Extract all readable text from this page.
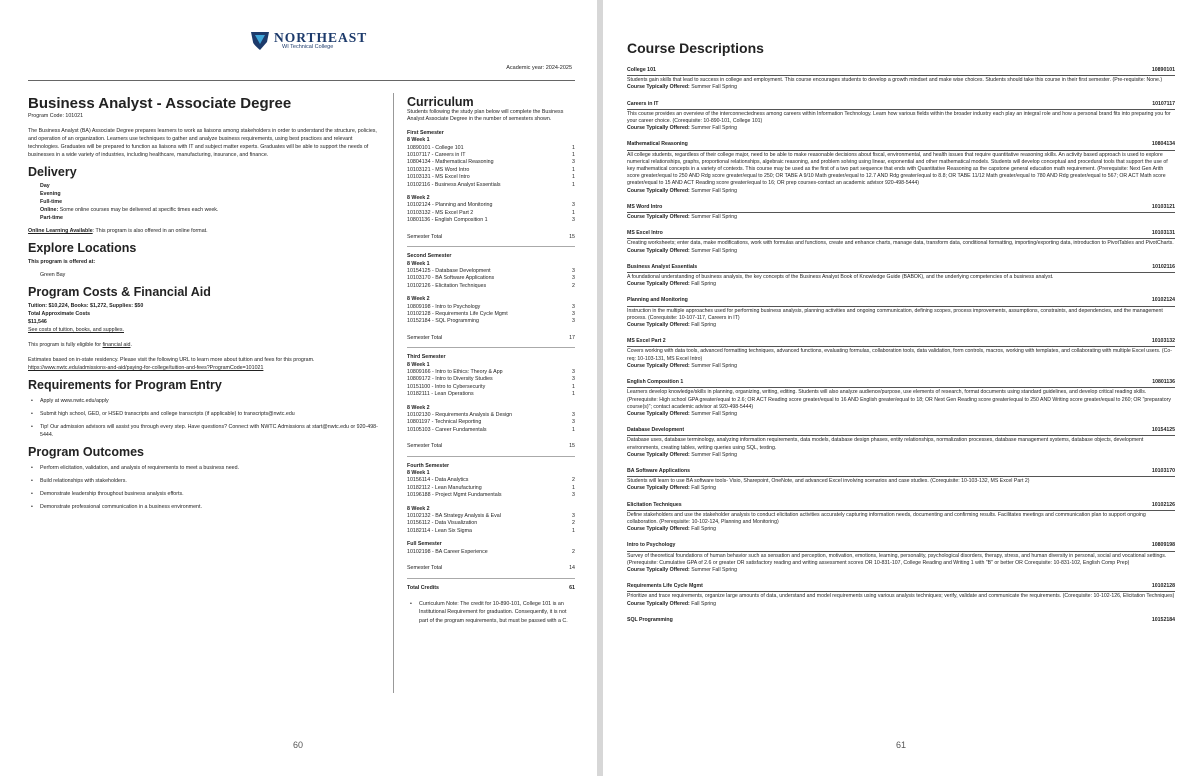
NORTHEAST
WI Technical College
Academic year: 2024-2025
Business Analyst - Associate Degree
Program Code: 101021
The Business Analyst (BA) Associate Degree prepares learners to work as liaisons among stakeholders in order to understand the structure, policies, and operation of an organization. Learners use techniques to gather and analyze business requirements, using best practices and relevant technologies. Graduates will be prepared to function as liaisons with IT and subject matter experts. Graduates will be able to support the needs of businesses in a wide variety of industries, including healthcare, manufacturing, insurance, and finance.
Delivery
Day
Evening
Full-time
Online: Some online courses may be delivered at specific times each week.
Part-time
Online Learning Available: This program is also offered in an online format.
Explore Locations
This program is offered at:
Green Bay
Program Costs & Financial Aid
Tuition: $10,224, Books: $1,272, Supplies: $50
Total Approximate Costs
$11,546
See costs of tuition, books, and supplies.
This program is fully eligible for financial aid.
Estimates based on in-state residency. Please visit the following URL to learn more about tuition and fees for this program.
https://www.nwtc.edu/admissions-and-aid/paying-for-college/tuition-and-fees?ProgramCode=101021
Requirements for Program Entry
• Apply at www.nwtc.edu/apply
• Submit high school, GED, or HSED transcripts and college transcripts (if applicable) to transcripts@nwtc.edu
• Tip! Our admission advisors will assist you through every step. Have questions? Connect with NWTC Admissions at start@nwtc.edu or 920-498-5444.
Program Outcomes
• Perform elicitation, validation, and analysis of requirements to meet a business need.
• Build relationships with stakeholders.
• Demonstrate leadership throughout business analysis efforts.
• Demonstrate professional communication in a business environment.
Curriculum
Students following the study plan below will complete the Business Analyst Associate Degree in the number of semesters shown.
First Semester
8 Week 1
10890101 - College 101	1
10107117 - Careers in IT	1
10804134 - Mathematical Reasoning	3
10103121 - MS Word Intro	1
10103131 - MS Excel Intro	1
10102116 - Business Analyst Essentials	1
8 Week 2
10102124 - Planning and Monitoring	3
10103132 - MS Excel Part 2	1
10801136 - English Composition 1	3
Semester Total	15
Second Semester
8 Week 1
10154125 - Database Development	3
10103170 - BA Software Applications	3
10102126 - Elicitation Techniques	2
8 Week 2
10809198 - Intro to Psychology	3
10102128 - Requirements Life Cycle Mgmt	3
10152184 - SQL Programming	3
Semester Total	17
Third Semester
8 Week 1
10809166 - Intro to Ethics: Theory & App	3
10809172 - Intro to Diversity Studies	3
10151100 - Intro to Cybersecurity	1
10182111 - Lean Operations	1
8 Week 2
10102130 - Requirements Analysis & Design	3
10801197 - Technical Reporting	3
10105103 - Career Fundamentals	1
Semester Total	15
Fourth Semester
8 Week 1
10156114 - Data Analytics	2
10182112 - Lean Manufacturing	1
10196188 - Project Mgmt Fundamentals	3
8 Week 2
10102132 - BA Strategy Analysis & Eval	3
10156112 - Data Visualization	2
10182114 - Lean Six Sigma	1
Full Semester
10102198 - BA Career Experience	2
Semester Total	14
Total Credits	61
• Curriculum Note: The credit for 10-890-101, College 101 is an Institutional Requirement for graduation. Consequently, it is not part of the program requirements, but must be passed with a C.
60
Course Descriptions
College 101	10890101
Students gain skills that lead to success in college and employment. This course encourages students to develop a growth mindset and make wise choices. Students should take this course in their first semester. (Pre-requisite: None.)
Course Typically Offered: Summer Fall Spring
Careers in IT	10107117
This course provides an overview of the interconnectedness among careers within Information Technology. Learn how various fields within the broader industry each play an integral role and how a personal brand fits into preparing you for your career choice. (Corequisite: 10-890-101, College 101)
Course Typically Offered: Summer Fall Spring
Mathematical Reasoning	10804134
All college students, regardless of their college major, need to be able to make reasonable decisions about fiscal, environmental, and health issues that require quantitative reasoning skills. An activity based approach is used to explore numerical relationships, graphs, proportional relationships, algebraic reasoning, and problem solving using linear, exponential and other mathematical models. Students will develop conceptual and procedural tools that support the use of key mathematical concepts in a variety of contexts. This course may be used as the first of a two part sequence that ends with Quantitative Reasoning as the capstone general education math requirement. (Prerequisite: Next Gen Arith score greater/equal to 250 AND Rdg score greater/equal to 250; OR TABE A 9/10 Math greater/equal to 12.7 AND Rdg greater/equal to 8.8; OR TABE 11/12 Math greater/equal to 780 AND Rdg greater/equal to 567; OR ACT Math score greater/equal to 15 AND ACT Reading score greater/equal to 16; OR prep courses-contact an academic advisor 920-498-5444)
Course Typically Offered: Summer Fall Spring
MS Word Intro	10103121
Course Typically Offered: Summer Fall Spring
MS Excel Intro	10103131
Creating worksheets; enter data, make modifications, work with formulas and functions, create and enhance charts, manage data, transform data, conditional formatting, importing/exporting data, introduction to PivotTables and PivotCharts.
Course Typically Offered: Summer Fall Spring
Business Analyst Essentials	10102116
A foundational understanding of business analysis, the key concepts of the Business Analyst Book of Knowledge Guide (BABOK), and the underlying competencies of a business analyst.
Course Typically Offered: Fall Spring
Planning and Monitoring	10102124
Instruction in the multiple approaches used for performing business analysis, planning activities and ongoing communication, defining scopes, process improvements, assumptions, constraints, and dependencies, and the management process. (Corequisite: 10-107-117, Careers in IT)
Course Typically Offered: Fall Spring
MS Excel Part 2	10103132
Covers working with data tools, advanced formatting techniques, advanced functions, evaluating formulas, collaboration tools, data validation, form controls, macros, working with templates, and collaborating with multiple Excel users. (Co-req: 10-103-131, MS Excel Intro)
Course Typically Offered: Summer Fall Spring
English Composition 1	10801136
Learners develop knowledge/skills in planning, organizing, writing, editing. Students will also analyze audience/purpose, use elements of research, format documents using standard guidelines, and develop critical reading skills. (Prerequisite: High school GPA greater/equal to 2.6; OR ACT Reading score greater/equal to 16 AND English greater/equal to 18; OR Next Gen Reading score greater/equal to 250 AND Writing score greater/equal to 260; OR "preparatory course(s)"; contact academic advisor at 920-498-5444)
Course Typically Offered: Summer Fall Spring
Database Development	10154125
Database uses, database terminology, analyzing information requirements, data models, database design phases, entity relationships, normalization processes, database management systems, database objects, development environments, creating tables, writing queries using SQL, testing.
Course Typically Offered: Summer Fall Spring
BA Software Applications	10103170
Students will learn to use BA software tools- Visio, Sharepoint, OneNote, and advanced Excel involving scenarios and case studies. (Corequisite: 10-103-132, MS Excel Part 2)
Course Typically Offered: Fall Spring
Elicitation Techniques	10102126
Define stakeholders and use the stakeholder analysis to conduct elicitation activities accurately capturing information needs, documenting and confirming results. Facilitates meetings and communication plan to support ongoing collaboration. (Prerequisite: 10-102-124, Planning and Monitoring)
Course Typically Offered: Fall Spring
Intro to Psychology	10809198
Survey of theoretical foundations of human behavior such as sensation and perception, motivation, emotions, learning, personality, psychological disorders, therapy, stress, and human diversity in personal, social and vocational settings. (Prerequisite: Cumulative GPA of 2.6 or greater OR satisfactory reading and writing assessment scores OR 10-831-107, College Reading and Writing 1 with "B" or better OR Corequisite: 10-831-102, English Comp Prep)
Course Typically Offered: Summer Fall Spring
Requirements Life Cycle Mgmt	10102128
Prioritize and trace requirements, organize large amounts of data, understand and model requirements using various analysis techniques; verify, validate and communicate the requirements. (Corequisite: 10-102-126, Elicitation Techniques)
Course Typically Offered: Fall Spring
SQL Programming	10152184
61
